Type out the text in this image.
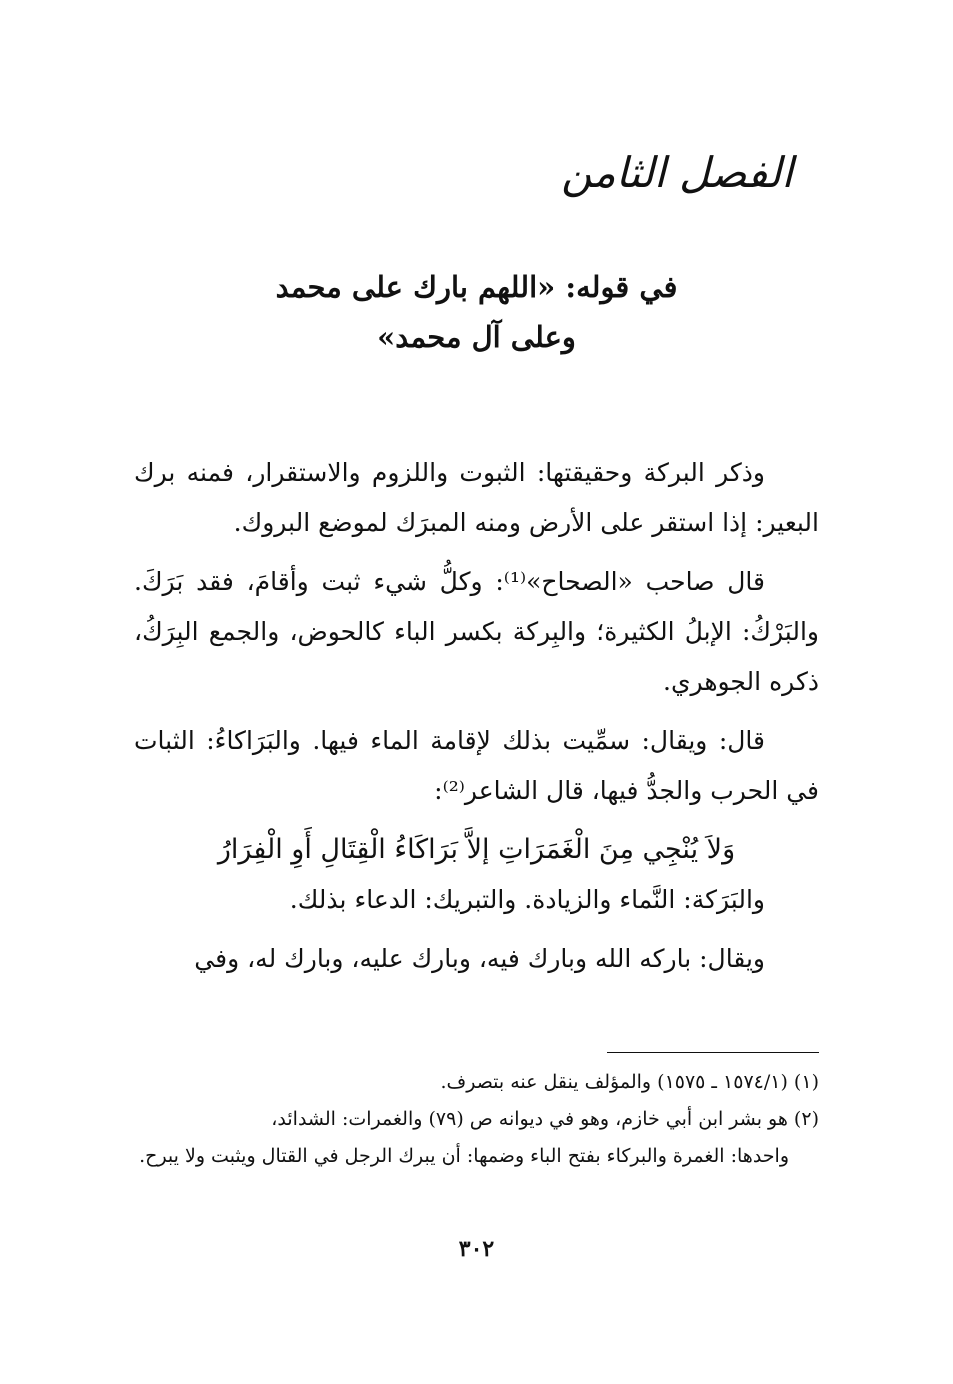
الفصل الثامن
في قوله: «اللهم بارك على محمد
وعلى آل محمد»

وذكر البركة وحقيقتها: الثبوت واللزوم والاستقرار، فمنه برك البعير: إذا استقر على الأرض ومنه المبرَك لموضع البروك.

قال صاحب «الصحاح»⁽¹⁾: وكلُّ شيء ثبت وأقامَ، فقد بَرَكَ. والبَرْكُ: الإبلُ الكثيرة؛ والبِركة بكسر الباء كالحوض، والجمع البِرَكُ، ذكره الجوهري.

قال: ويقال: سمِّيت بذلك لإقامة الماء فيها. والبَرَاكاءُ: الثبات في الحرب والجدُّ فيها، قال الشاعر⁽²⁾:

وَلاَ يُنْجِي مِنَ الْغَمَرَاتِ إلاَّ بَرَاكَاءُ الْقِتَالِ أَوِ الْفِرَارُ

والبَرَكة: النَّماء والزيادة. والتبريك: الدعاء بذلك.

ويقال: باركه الله وبارك فيه، وبارك عليه، وبارك له، وفي

(١) (١٥٧٤/١ ـ ١٥٧٥) والمؤلف ينقل عنه بتصرف.

(٢) هو بشر ابن أبي خازم، وهو في ديوانه ص (٧٩) والغمرات: الشدائد،

واحدها: الغمرة والبركاء بفتح الباء وضمها: أن يبرك الرجل في القتال ويثبت ولا يبرح.

٣٠٢
